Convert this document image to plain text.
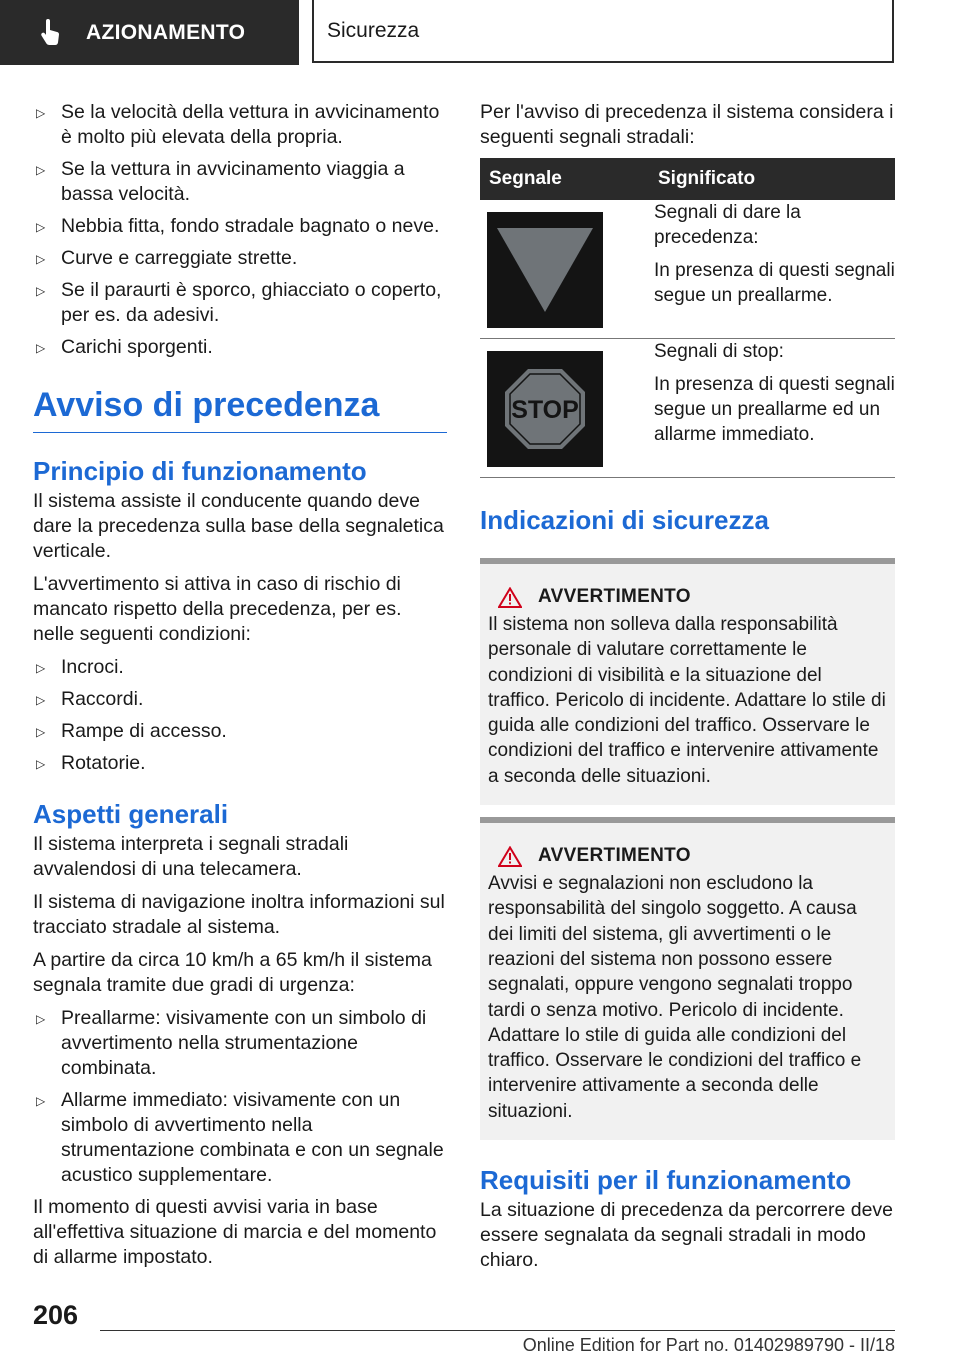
AZIONAMENTO	Sicurezza
▷ Se la velocità della vettura in avvicinamento è molto più elevata della propria.
▷ Se la vettura in avvicinamento viaggia a bassa velocità.
▷ Nebbia fitta, fondo stradale bagnato o neve.
▷ Curve e carreggiate strette.
▷ Se il paraurti è sporco, ghiacciato o coperto, per es. da adesivi.
▷ Carichi sporgenti.
Avviso di precedenza
Principio di funzionamento

Il sistema assiste il conducente quando deve dare la precedenza sulla base della segnaletica verticale.

L'avvertimento si attiva in caso di rischio di mancato rispetto della precedenza, per es. nelle seguenti condizioni:

▷ Incroci.
▷ Raccordi.
▷ Rampe di accesso.
▷ Rotatorie.
Aspetti generali

Il sistema interpreta i segnali stradali avvalendosi di una telecamera.

Il sistema di navigazione inoltra informazioni sul tracciato stradale al sistema.

A partire da circa 10 km/h a 65 km/h il sistema segnala tramite due gradi di urgenza:

▷ Preallarme: visivamente con un simbolo di avvertimento nella strumentazione combinata.
▷ Allarme immediato: visivamente con un simbolo di avvertimento nella strumentazione combinata e con un segnale acustico supplementare.

Il momento di questi avvisi varia in base all'effettiva situazione di marcia e del momento di allarme impostato.

Per l'avviso di precedenza il sistema considera i seguenti segnali stradali:

Segnale	Significato

Segnali di dare la precedenza:

In presenza di questi segnali segue un preallarme.

STOP	Segnali di stop:

In presenza di questi segnali segue un preallarme ed un allarme immediato.

Indicazioni di sicurezza
AVVERTIMENTO

Il sistema non solleva dalla responsabilità personale di valutare correttamente le condizioni di visibilità e la situazione del traffico. Pericolo di incidente. Adattare lo stile di guida alle condizioni del traffico. Osservare le condizioni del traffico e intervenire attivamente a seconda delle situazioni.

AVVERTIMENTO

Avvisi e segnalazioni non escludono la responsabilità del singolo soggetto. A causa dei limiti del sistema, gli avvertimenti o le reazioni del sistema non possono essere segnalati, oppure vengono segnalati troppo tardi o senza motivo. Pericolo di incidente. Adattare lo stile di guida alle condizioni del traffico. Osservare le condizioni del traffico e intervenire attivamente a seconda delle situazioni.

Requisiti per il funzionamento

La situazione di precedenza da percorrere deve essere segnalata da segnali stradali in modo chiaro.

206
Online Edition for Part no. 01402989790 - II/18
